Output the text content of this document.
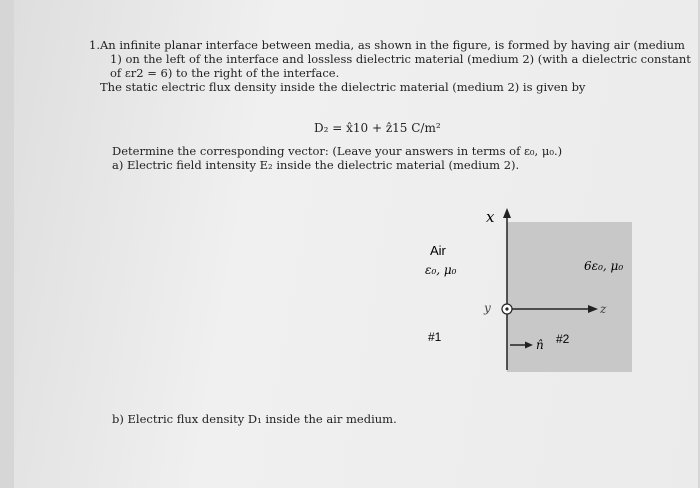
1. An infinite planar interface between media, as shown in the figure, is formed by having air (medium
1) on the left of the interface and lossless dielectric material (medium 2) (with a dielectric constant
of εr2 = 6) to the right of the interface.
The static electric flux density inside the dielectric material (medium 2) is given by
D₂ = x̂10 + ẑ15 C/m²
Determine the corresponding vector: (Leave your answers in terms of ε₀, μ₀.)
a) Electric field intensity E₂ inside the dielectric material (medium 2).
b) Electric flux density D₁ inside the air medium.
x
z
y
Air
ε₀, μ₀
#1
6ε₀, μ₀
n̂ #2
